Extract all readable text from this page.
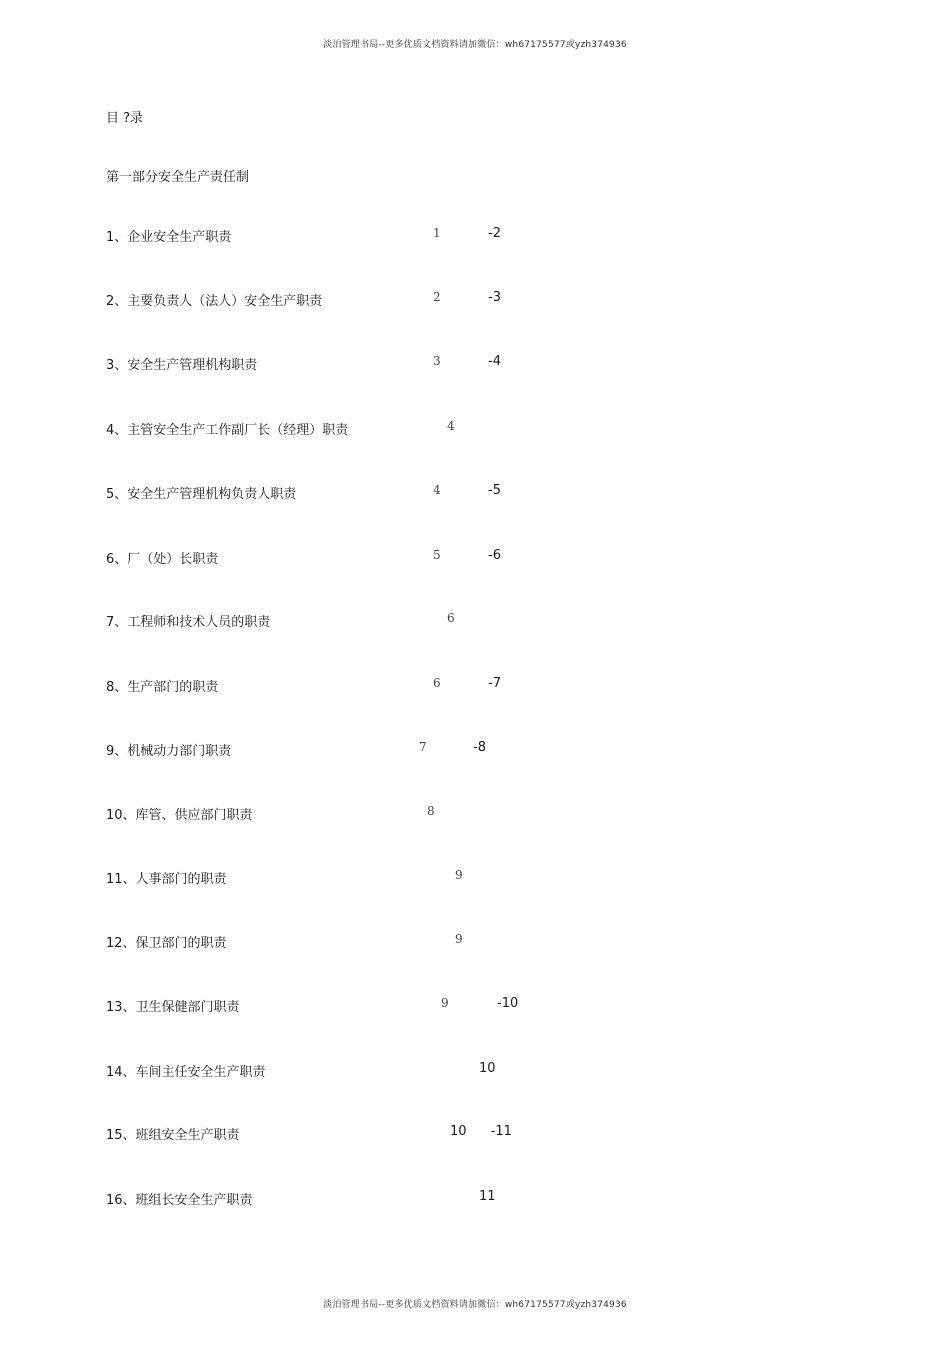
淡泊管理书局--更多优质文档资料请加微信：wh67175577或yzh374936
目 ?录
第一部分安全生产责任制
1、企业安全生产职责	1	-2
2、主要负责人（法人）安全生产职责	2	-3
3、安全生产管理机构职责	3	-4
4、主管安全生产工作副厂长（经理）职责	4
5、安全生产管理机构负责人职责	4	-5
6、厂（处）长职责	5	-6
7、工程师和技术人员的职责	6
8、生产部门的职责	6	-7
9、机械动力部门职责	7	-8
10、库管、供应部门职责	8
11、人事部门的职责	9
12、保卫部门的职责	9
13、卫生保健部门职责	9	-10
14、车间主任安全生产职责	10
15、班组安全生产职责	10 -11
16、班组长安全生产职责	11
淡泊管理书局--更多优质文档资料请加微信：wh67175577或yzh374936
